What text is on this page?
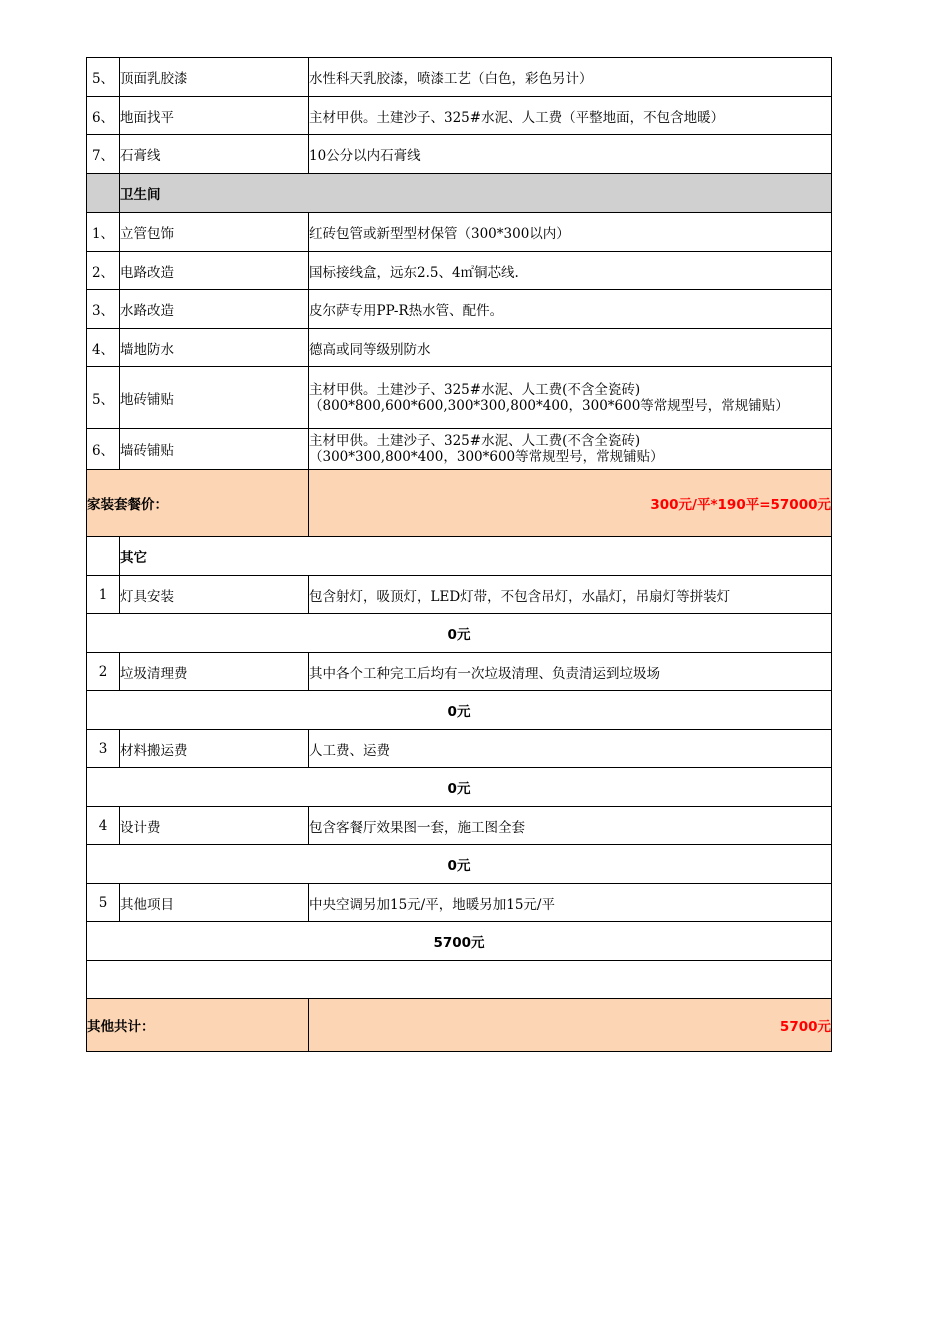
5、	顶面乳胶漆	水性科天乳胶漆，喷漆工艺（白色，彩色另计）
6、	地面找平	主材甲供。土建沙子、325#水泥、人工费（平整地面，不包含地暖）
7、	石膏线	10公分以内石膏线
	卫生间	
1、	立管包饰	红砖包管或新型型材保管（300*300以内）
2、	电路改造	国标接线盒，远东2.5、4㎡铜芯线.
3、	水路改造	皮尔萨专用PP-R热水管、配件。
4、	墙地防水	德高或同等级别防水
5、	地砖铺贴	主材甲供。土建沙子、325#水泥、人工费(不含全瓷砖)
（800*800,600*600,300*300,800*400，300*600等常规型号，常规铺贴）

6、	墙砖铺贴	主材甲供。土建沙子、325#水泥、人工费(不含全瓷砖)
（300*300,800*400，300*600等常规型号，常规铺贴）

家装套餐价：		300元/平*190平=57000元
	其它	
1	灯具安装	包含射灯，吸顶灯，LED灯带，不包含吊灯，水晶灯，吊扇灯等拼装灯
0元		
2	垃圾清理费	其中各个工种完工后均有一次垃圾清理、负责清运到垃圾场
0元		
3	材料搬运费	人工费、运费
0元		
4	设计费	包含客餐厅效果图一套，施工图全套
0元		
5	其他项目	中央空调另加15元/平，地暖另加15元/平
5700元		

其他共计：		5700元
